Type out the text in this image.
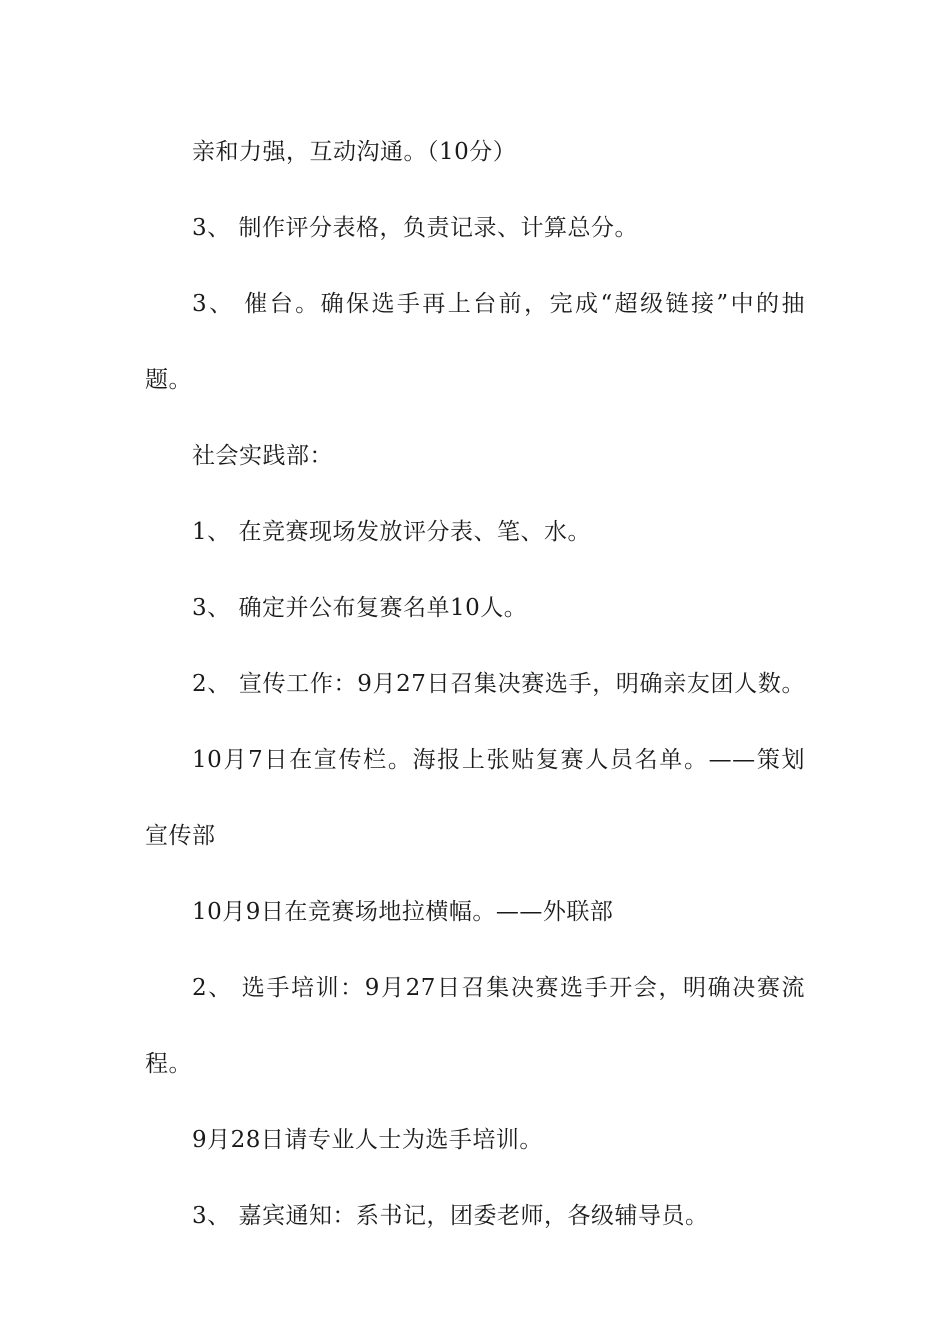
亲和力强，互动沟通。（10分）
3、 制作评分表格，负责记录、计算总分。
3、 催台。确保选手再上台前，完成“超级链接”中的抽
题。
社会实践部：
1、 在竞赛现场发放评分表、笔、水。
3、 确定并公布复赛名单10人。
2、 宣传工作：9月27日召集决赛选手，明确亲友团人数。
10月7日在宣传栏。海报上张贴复赛人员名单。——策划
宣传部
10月9日在竞赛场地拉横幅。——外联部
2、 选手培训：9月27日召集决赛选手开会，明确决赛流
程。
9月28日请专业人士为选手培训。
3、 嘉宾通知：系书记，团委老师，各级辅导员。
